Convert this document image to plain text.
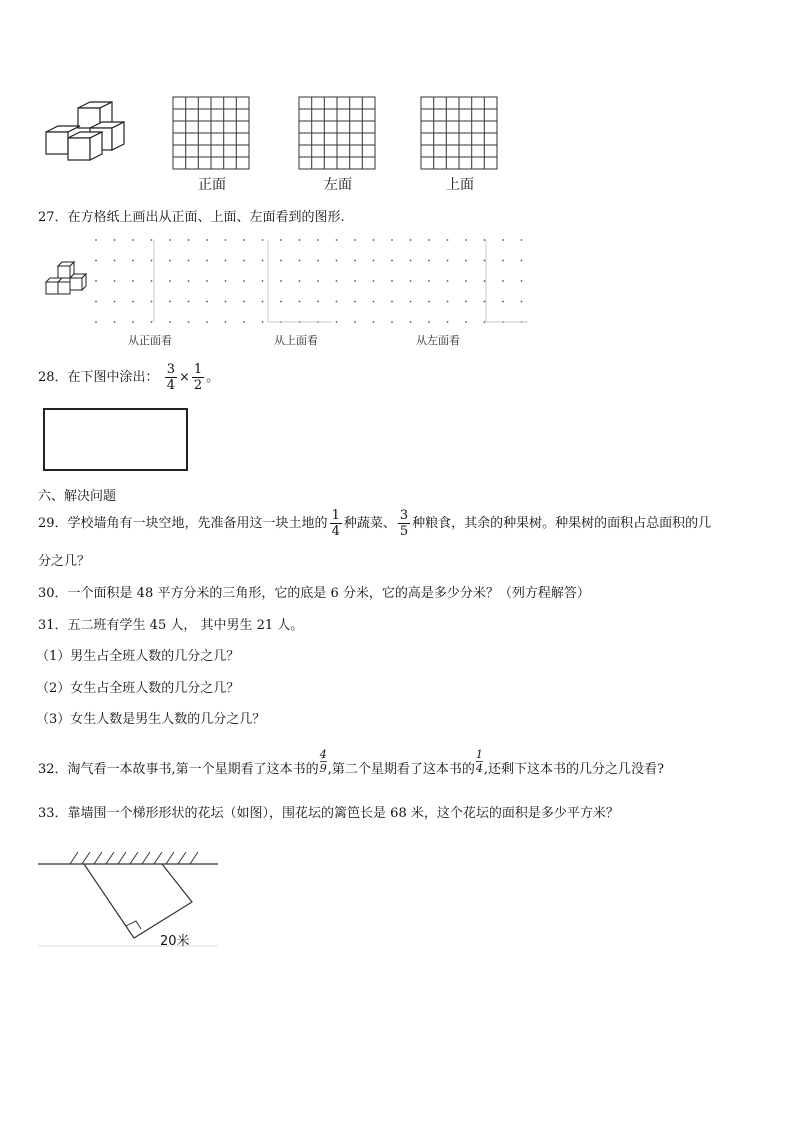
正面	左面	上面
27．在方格纸上画出从正面、上面、左面看到的图形.
从正面看	从上面看	从左面看
28．在下图中涂出： $\frac{3}{4} \times \frac{1}{2}$ 。
六、解决问题
29．学校墙角有一块空地，先准备用这一块土地的 $\frac{1}{4}$ 种蔬菜、 $\frac{3}{5}$ 种粮食，其余的种果树。种果树的面积占总面积的几
分之几？
30．一个面积是 48 平方分米的三角形，它的底是 6 分米，它的高是多少分米？（列方程解答）
31．五二班有学生 45 人， 其中男生 21 人。
（1）男生占全班人数的几分之几？
（2）女生占全班人数的几分之几？
（3）女生人数是男生人数的几分之几？
32．淘气看一本故事书,第一个星期看了这本书的 $\frac{4}{9}$ ,第二个星期看了这本书的 $\frac{1}{4}$ ,还剩下这本书的几分之几没看?
33．靠墙围一个梯形形状的花坛（如图），围花坛的篱笆长是 68 米，这个花坛的面积是多少平方米？
20米
